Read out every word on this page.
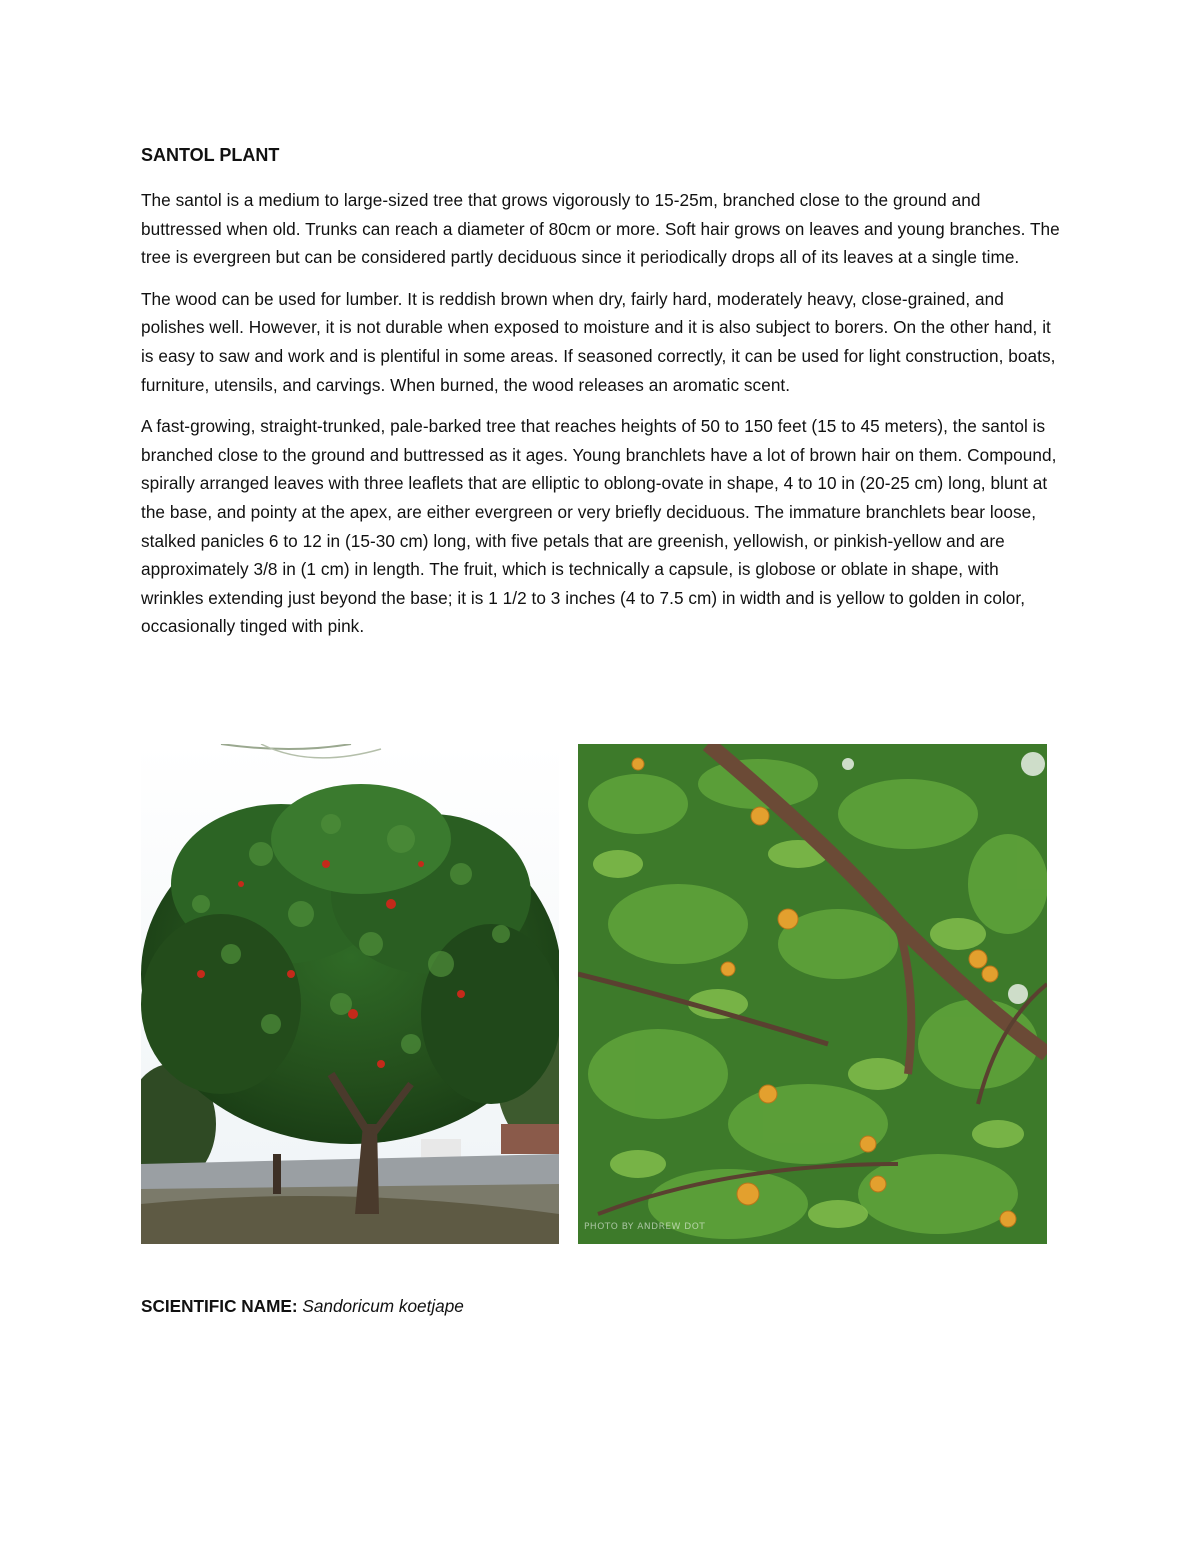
SANTOL PLANT

The santol is a medium to large-sized tree that grows vigorously to 15-25m, branched close to the ground and buttressed when old. Trunks can reach a diameter of 80cm or more. Soft hair grows on leaves and young branches. The tree is evergreen but can be considered partly deciduous since it periodically drops all of its leaves at a single time.

The wood can be used for lumber. It is reddish brown when dry, fairly hard, moderately heavy, close-grained, and polishes well. However, it is not durable when exposed to moisture and it is also subject to borers. On the other hand, it is easy to saw and work and is plentiful in some areas. If seasoned correctly, it can be used for light construction, boats, furniture, utensils, and carvings. When burned, the wood releases an aromatic scent.

A fast-growing, straight-trunked, pale-barked tree that reaches heights of 50 to 150 feet (15 to 45 meters), the santol is branched close to the ground and buttressed as it ages. Young branchlets have a lot of brown hair on them. Compound, spirally arranged leaves with three leaflets that are elliptic to oblong-ovate in shape, 4 to 10 in (20-25 cm) long, blunt at the base, and pointy at the apex, are either evergreen or very briefly deciduous. The immature branchlets bear loose, stalked panicles 6 to 12 in (15-30 cm) long, with five petals that are greenish, yellowish, or pinkish-yellow and are approximately 3/8 in (1 cm) in length. The fruit, which is technically a capsule, is globose or oblate in shape, with wrinkles extending just beyond the base; it is 1 1/2 to 3 inches (4 to 7.5 cm) in width and is yellow to golden in color, occasionally tinged with pink.

PHOTO BY ANDREW DOT
SCIENTIFIC NAME: Sandoricum koetjape
